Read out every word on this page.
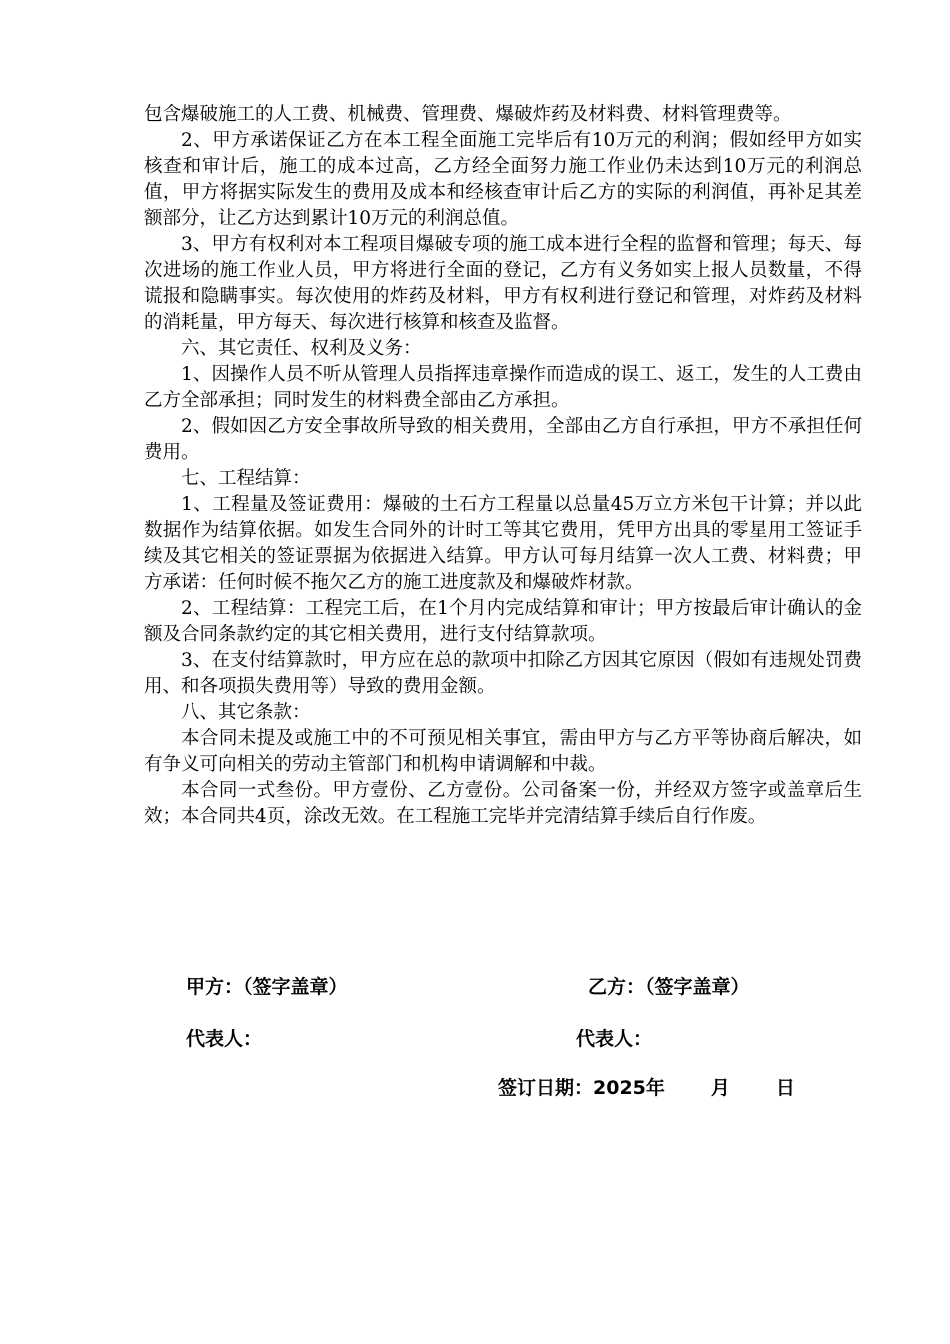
包含爆破施工的人工费、机械费、管理费、爆破炸药及材料费、材料管理费等。

2、甲方承诺保证乙方在本工程全面施工完毕后有10万元的利润；假如经甲方如实核查和审计后，施工的成本过高，乙方经全面努力施工作业仍未达到10万元的利润总值，甲方将据实际发生的费用及成本和经核查审计后乙方的实际的利润值，再补足其差额部分，让乙方达到累计10万元的利润总值。

3、甲方有权利对本工程项目爆破专项的施工成本进行全程的监督和管理；每天、每次进场的施工作业人员，甲方将进行全面的登记，乙方有义务如实上报人员数量，不得谎报和隐瞒事实。每次使用的炸药及材料，甲方有权利进行登记和管理，对炸药及材料的消耗量，甲方每天、每次进行核算和核查及监督。

六、其它责任、权利及义务：

1、因操作人员不听从管理人员指挥违章操作而造成的误工、返工，发生的人工费由乙方全部承担；同时发生的材料费全部由乙方承担。

2、假如因乙方安全事故所导致的相关费用，全部由乙方自行承担，甲方不承担任何费用。

七、工程结算：

1、工程量及签证费用：爆破的土石方工程量以总量45万立方米包干计算；并以此数据作为结算依据。如发生合同外的计时工等其它费用，凭甲方出具的零星用工签证手续及其它相关的签证票据为依据进入结算。甲方认可每月结算一次人工费、材料费；甲方承诺：任何时候不拖欠乙方的施工进度款及和爆破炸材款。

2、工程结算：工程完工后，在1个月内完成结算和审计；甲方按最后审计确认的金额及合同条款约定的其它相关费用，进行支付结算款项。

3、在支付结算款时，甲方应在总的款项中扣除乙方因其它原因（假如有违规处罚费用、和各项损失费用等）导致的费用金额。

八、其它条款：

本合同未提及或施工中的不可预见相关事宜，需由甲方与乙方平等协商后解决，如有争义可向相关的劳动主管部门和机构申请调解和中裁。

本合同一式叁份。甲方壹份、乙方壹份。公司备案一份，并经双方签字或盖章后生效；本合同共4页，涂改无效。在工程施工完毕并完清结算手续后自行作废。

甲方：（签字盖章）	乙方：（签字盖章）
代表人：	代表人：
签订日期：2025年 月 日
